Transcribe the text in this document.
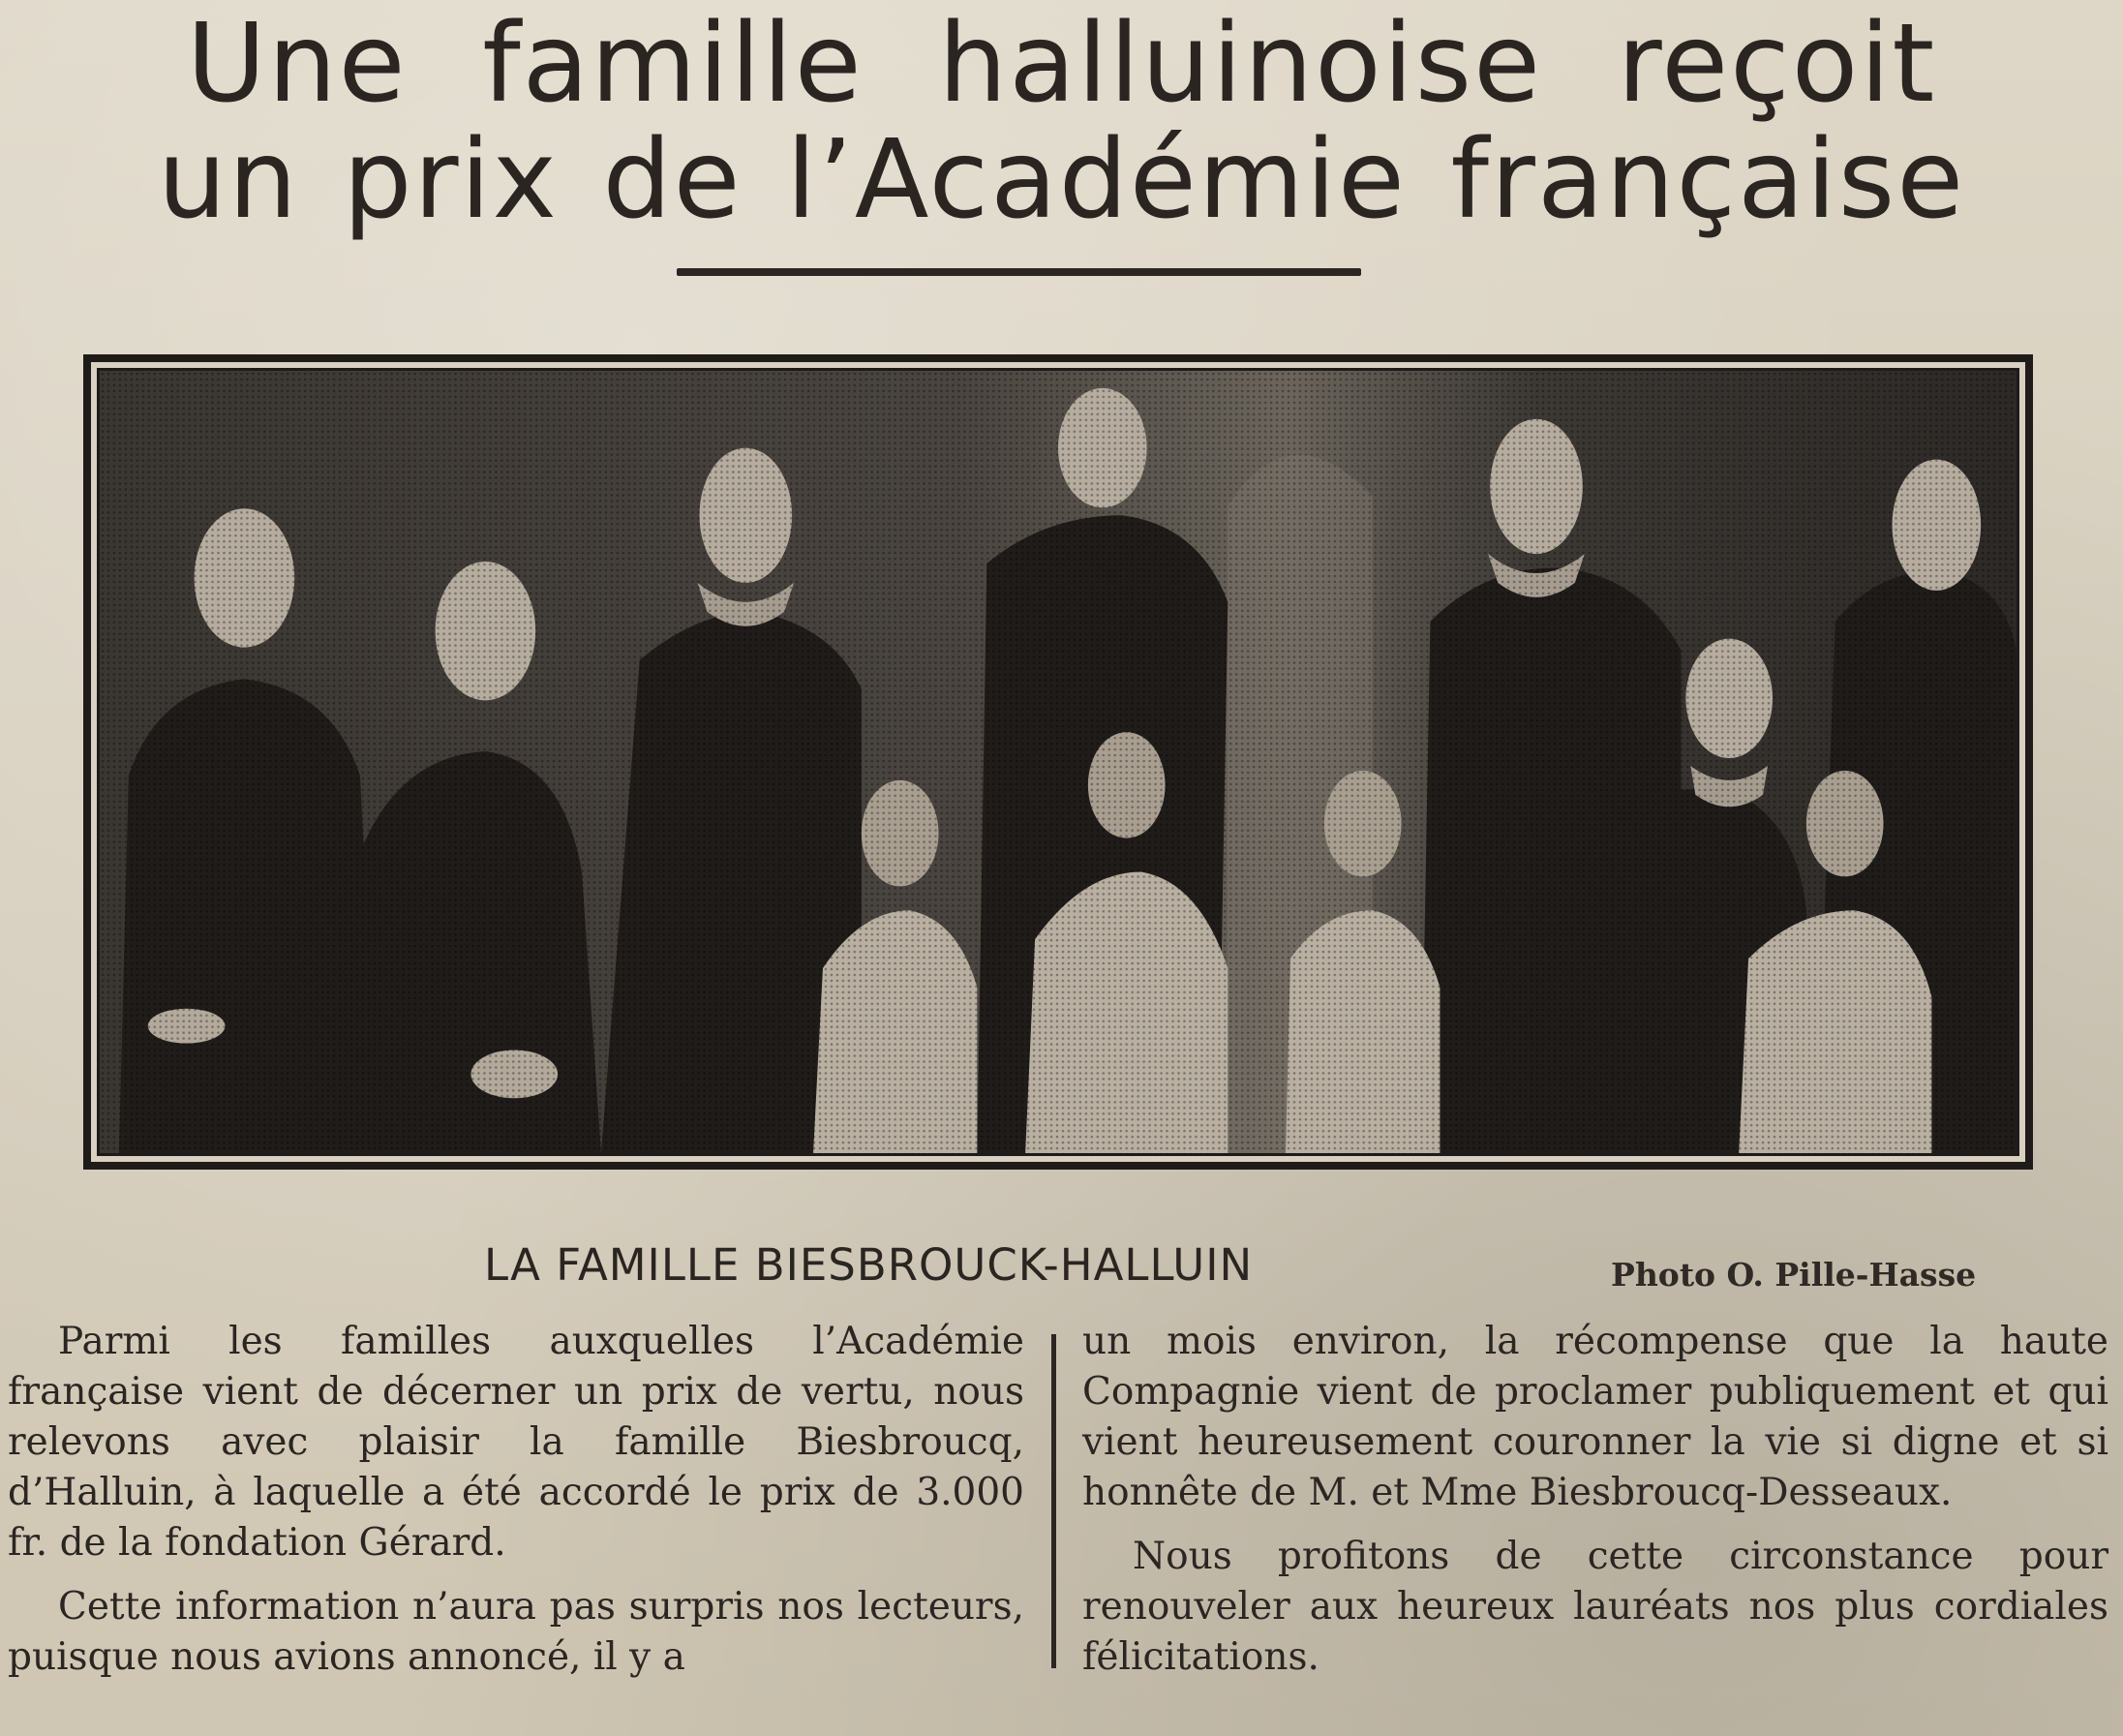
Une famille halluinoise reçoit
un prix de l’Académie française
LA FAMILLE BIESBROUCK-HALLUIN	Photo O. Pille-Hasse

Parmi les familles auxquelles l’Académie française vient de décerner un prix de vertu, nous relevons avec plaisir la famille Biesbroucq, d’Halluin, à laquelle a été accordé le prix de 3.000 fr. de la fondation Gérard.

Cette information n’aura pas surpris nos lecteurs, puisque nous avions annoncé, il y a

un mois environ, la récompense que la haute Compagnie vient de proclamer publiquement et qui vient heureusement couronner la vie si digne et si honnête de M. et Mme Biesbroucq-Desseaux.

Nous profitons de cette circonstance pour renouveler aux heureux lauréats nos plus cordiales félicitations.
